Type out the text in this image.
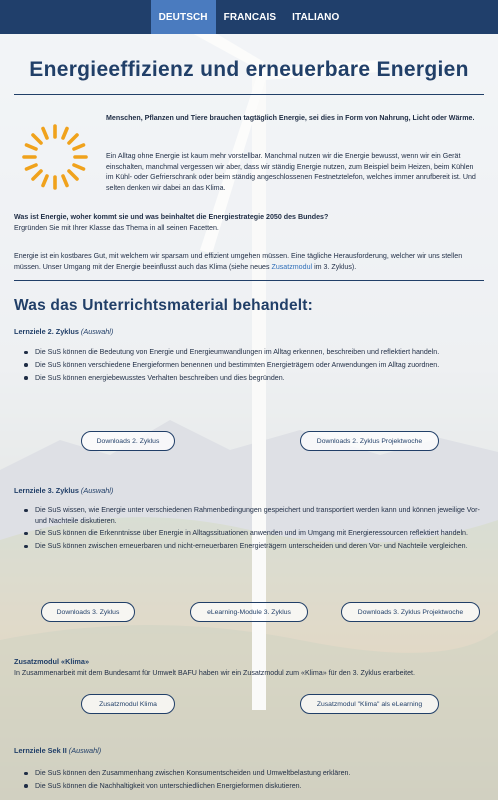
DEUTSCH	FRANCAIS	ITALIANO
Energieeffizienz und erneuerbare Energien

Menschen, Pflanzen und Tiere brauchen tagtäglich Energie, sei dies in Form von Nahrung, Licht oder Wärme.

Ein Alltag ohne Energie ist kaum mehr vorstellbar. Manchmal nutzen wir die Energie bewusst, wenn wir ein Gerät einschalten, manchmal vergessen wir aber, dass wir ständig Energie nutzen, zum Beispiel beim Heizen, beim Kühlen im Kühl- oder Gefrierschrank oder beim ständig angeschlossenen Festnetztelefon, welches immer anrufbereit ist. Und selten denken wir dabei an das Klima.

Was ist Energie, woher kommt sie und was beinhaltet die Energiestrategie 2050 des Bundes?

Ergründen Sie mit Ihrer Klasse das Thema in all seinen Facetten.

Energie ist ein kostbares Gut, mit welchem wir sparsam und effizient umgehen müssen. Eine tägliche Herausforderung, welcher wir uns stellen müssen. Unser Umgang mit der Energie beeinflusst auch das Klima (siehe neues Zusatzmodul im 3. Zyklus).

Was das Unterrichtsmaterial behandelt:
Lernziele 2. Zyklus (Auswahl)
Die SuS können die Bedeutung von Energie und Energieumwandlungen im Alltag erkennen, beschreiben und reflektiert handeln.
Die SuS können verschiedene Energieformen benennen und bestimmten Energieträgern oder Anwendungen im Alltag zuordnen.
Die SuS können energiebewusstes Verhalten beschreiben und dies begründen.
Downloads 2. Zyklus	Downloads 2. Zyklus Projektwoche
Lernziele 3. Zyklus (Auswahl)
Die SuS wissen, wie Energie unter verschiedenen Rahmenbedingungen gespeichert und transportiert werden kann und können jeweilige Vor- und Nachteile diskutieren.
Die SuS können die Erkenntnisse über Energie in Alltagssituationen anwenden und im Umgang mit Energieressourcen reflektiert handeln.
Die SuS können zwischen erneuerbaren und nicht-erneuerbaren Energieträgern unterscheiden und deren Vor- und Nachteile vergleichen.
Downloads 3. Zyklus	eLearning-Module 3. Zyklus	Downloads 3. Zyklus Projektwoche
Zusatzmodul «Klima»

In Zusammenarbeit mit dem Bundesamt für Umwelt BAFU haben wir ein Zusatzmodul zum «Klima» für den 3. Zyklus erarbeitet.

Zusatzmodul Klima	Zusatzmodul "Klima" als eLearning
Lernziele Sek II (Auswahl)
Die SuS können den Zusammenhang zwischen Konsumentscheiden und Umweltbelastung erklären.
Die SuS können die Nachhaltigkeit von unterschiedlichen Energieformen diskutieren.
